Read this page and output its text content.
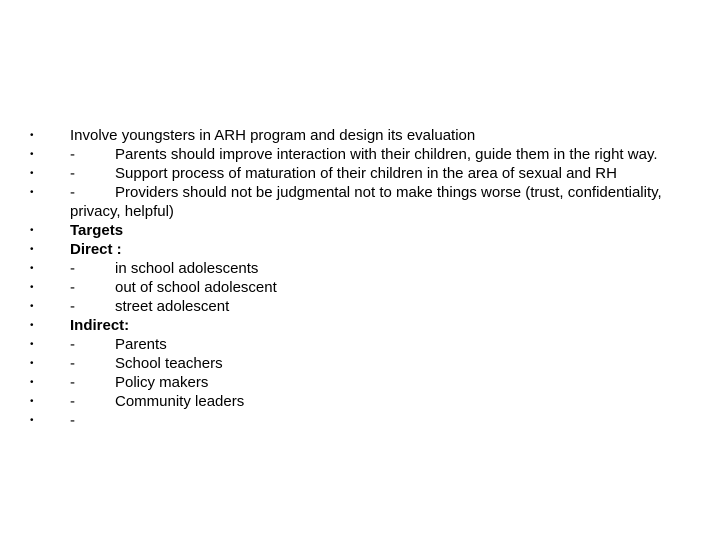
•	Involve youngsters in ARH program and design its evaluation
•	-	Parents should improve interaction with their children, guide them in the right way.
•	-	Support process of maturation of their children in the area of sexual and RH
•	-	Providers should not be judgmental not to make things worse (trust, confidentiality, privacy, helpful)
•	Targets
•	Direct :
•	-	in school adolescents
•	-	out of school adolescent
•	-	street adolescent
•	Indirect:
•	-	Parents
•	-	School teachers
•	-	Policy makers
•	-	Community leaders
•	-
